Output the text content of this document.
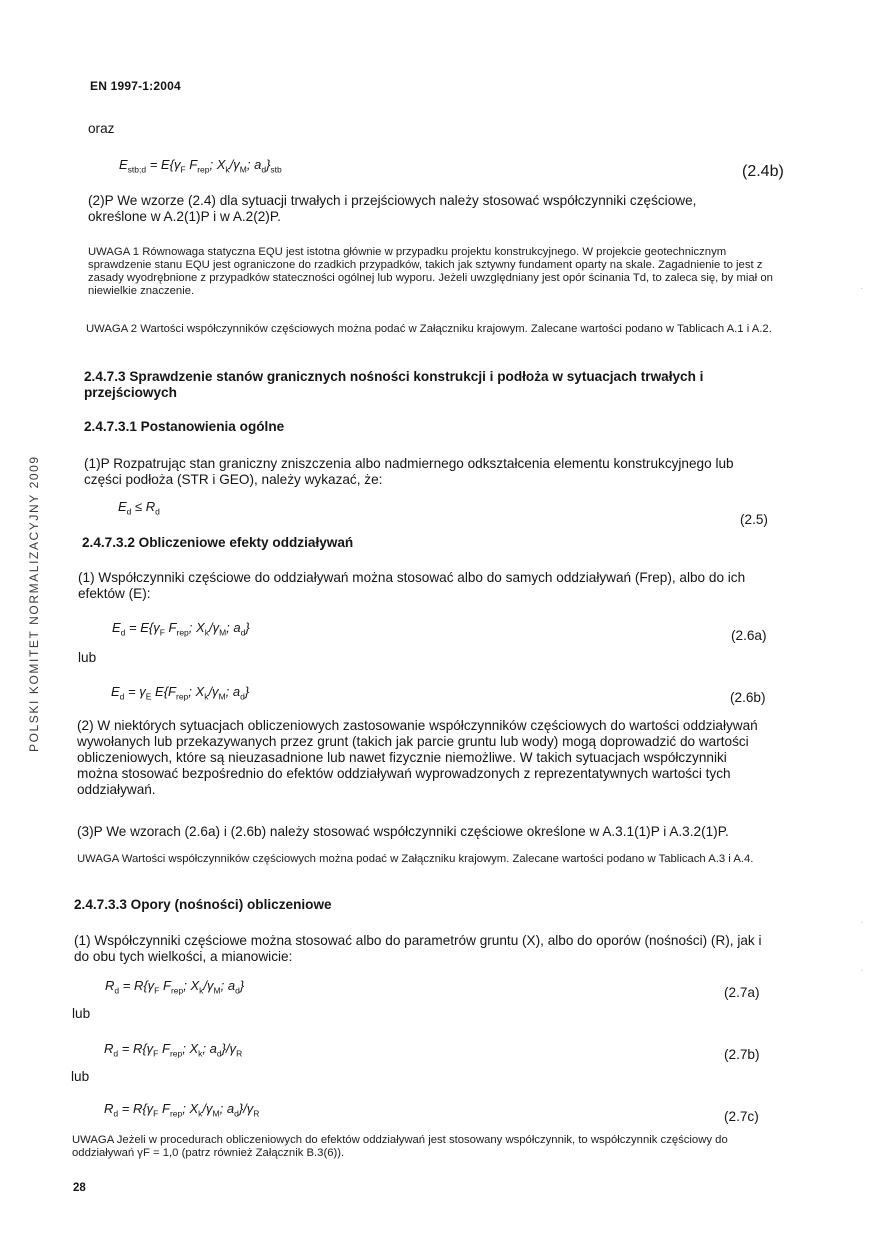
EN 1997-1:2004
POLSKI KOMITET NORMALIZACYJNY 2009
oraz
$E_{stb;d} = E\{\gamma_F$ $F_{rep}$; $X_k/\gamma_M$; $a_d\}_{stb}$	(2.4b)

(2)P We wzorze (2.4) dla sytuacji trwałych i przejściowych należy stosować współczynniki częściowe, określone w A.2(1)P i w A.2(2)P.

UWAGA 1 Równowaga statyczna EQU jest istotna głównie w przypadku projektu konstrukcyjnego. W projekcie geotechnicznym sprawdzenie stanu EQU jest ograniczone do rzadkich przypadków, takich jak sztywny fundament oparty na skale. Zagadnienie to jest z zasady wyodrębnione z przypadków stateczności ogólnej lub wyporu. Jeżeli uwzględniany jest opór ścinania Td, to zaleca się, by miał on niewielkie znaczenie.

UWAGA 2 Wartości współczynników częściowych można podać w Załączniku krajowym. Zalecane wartości podano w Tablicach A.1 i A.2.

2.4.7.3 Sprawdzenie stanów granicznych nośności konstrukcji i podłoża w sytuacjach trwałych i przejściowych
2.4.7.3.1 Postanowienia ogólne

(1)P Rozpatrując stan graniczny zniszczenia albo nadmiernego odkształcenia elementu konstrukcyjnego lub części podłoża (STR i GEO), należy wykazać, że:

$E_d \le R_d$
(2.5)
2.4.7.3.2 Obliczeniowe efekty oddziaływań

(1) Współczynniki częściowe do oddziaływań można stosować albo do samych oddziaływań (Frep), albo do ich efektów (E):

$E_d = E\{\gamma_F$ $F_{rep}$; $X_k/\gamma_M$; $a_d$}
(2.6a)
lub
$E_d = \gamma_E$ $E\{F_{rep}$; $X_k/\gamma_M$; $a_d$}	(2.6b)

(2) W niektórych sytuacjach obliczeniowych zastosowanie współczynników częściowych do wartości oddziaływań wywołanych lub przekazywanych przez grunt (takich jak parcie gruntu lub wody) mogą doprowadzić do wartości obliczeniowych, które są nieuzasadnione lub nawet fizycznie niemożliwe. W takich sytuacjach współczynniki można stosować bezpośrednio do efektów oddziaływań wyprowadzonych z reprezentatywnych wartości tych oddziaływań.

(3)P We wzorach (2.6a) i (2.6b) należy stosować współczynniki częściowe określone w A.3.1(1)P i A.3.2(1)P.

UWAGA Wartości współczynników częściowych można podać w Załączniku krajowym. Zalecane wartości podano w Tablicach A.3 i A.4.

2.4.7.3.3 Opory (nośności) obliczeniowe

(1) Współczynniki częściowe można stosować albo do parametrów gruntu (X), albo do oporów (nośności) (R), jak i do obu tych wielkości, a mianowicie:

$R_d = R\{\gamma_F$ $F_{rep}$; $X_k/\gamma_M$; $a_d$}	(2.7a)
lub
$R_d = R\{\gamma_F$ $F_{rep}$; $X_k$; $a_d\}/\gamma_R$	(2.7b)
lub
$R_d = R\{\gamma_F$ $F_{rep}$; $X_k/\gamma_M$; $a_d\}/\gamma_R$	(2.7c)

UWAGA Jeżeli w procedurach obliczeniowych do efektów oddziaływań jest stosowany współczynnik, to współczynnik częściowy do oddziaływań γF = 1,0 (patrz również Załącznik B.3(6)).

28
·
·
·
